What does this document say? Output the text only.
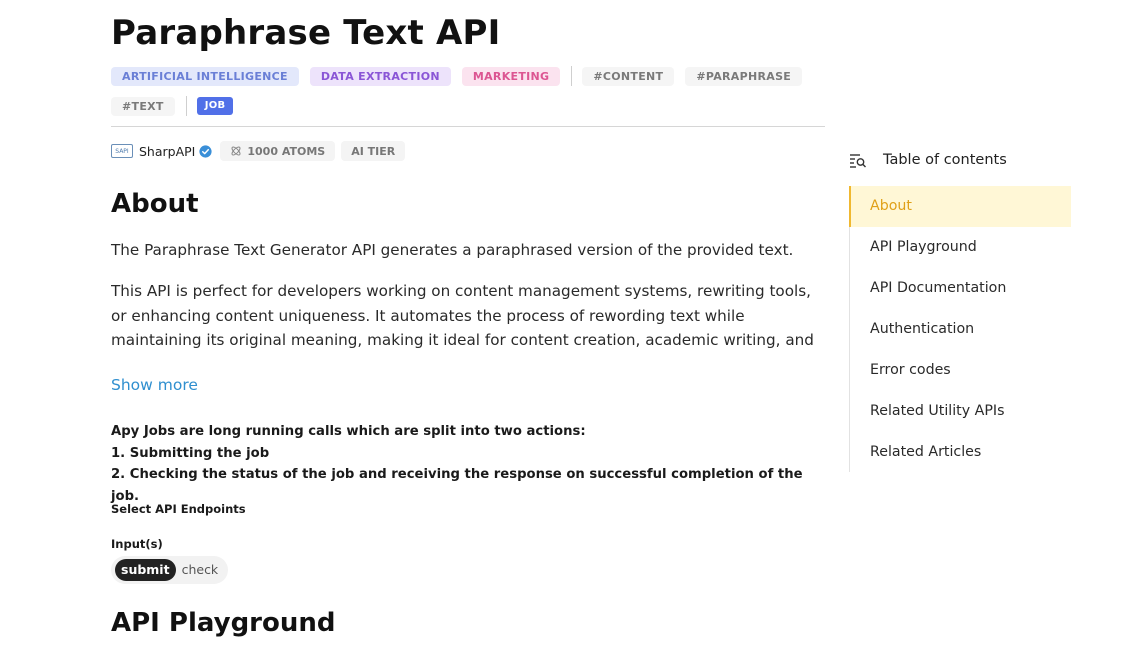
Paraphrase Text API
ARTIFICIAL INTELLIGENCE	DATA EXTRACTION	MARKETING	#CONTENT	#PARAPHRASE
#TEXT	JOB
SAPI SharpAPI	1000 ATOMS	AI TIER
About

The Paraphrase Text Generator API generates a paraphrased version of the provided text.

This API is perfect for developers working on content management systems, rewriting tools, or enhancing content uniqueness. It automates the process of rewording text while maintaining its original meaning, making it ideal for content creation, academic writing, and

Show more
Apy Jobs are long running calls which are split into two actions:
1. Submitting the job
2. Checking the status of the job and receiving the response on successful completion of the job.
Select API Endpoints
Input(s)
submit check
API Playground
Table of contents
About
API Playground
API Documentation
Authentication
Error codes
Related Utility APIs
Related Articles
